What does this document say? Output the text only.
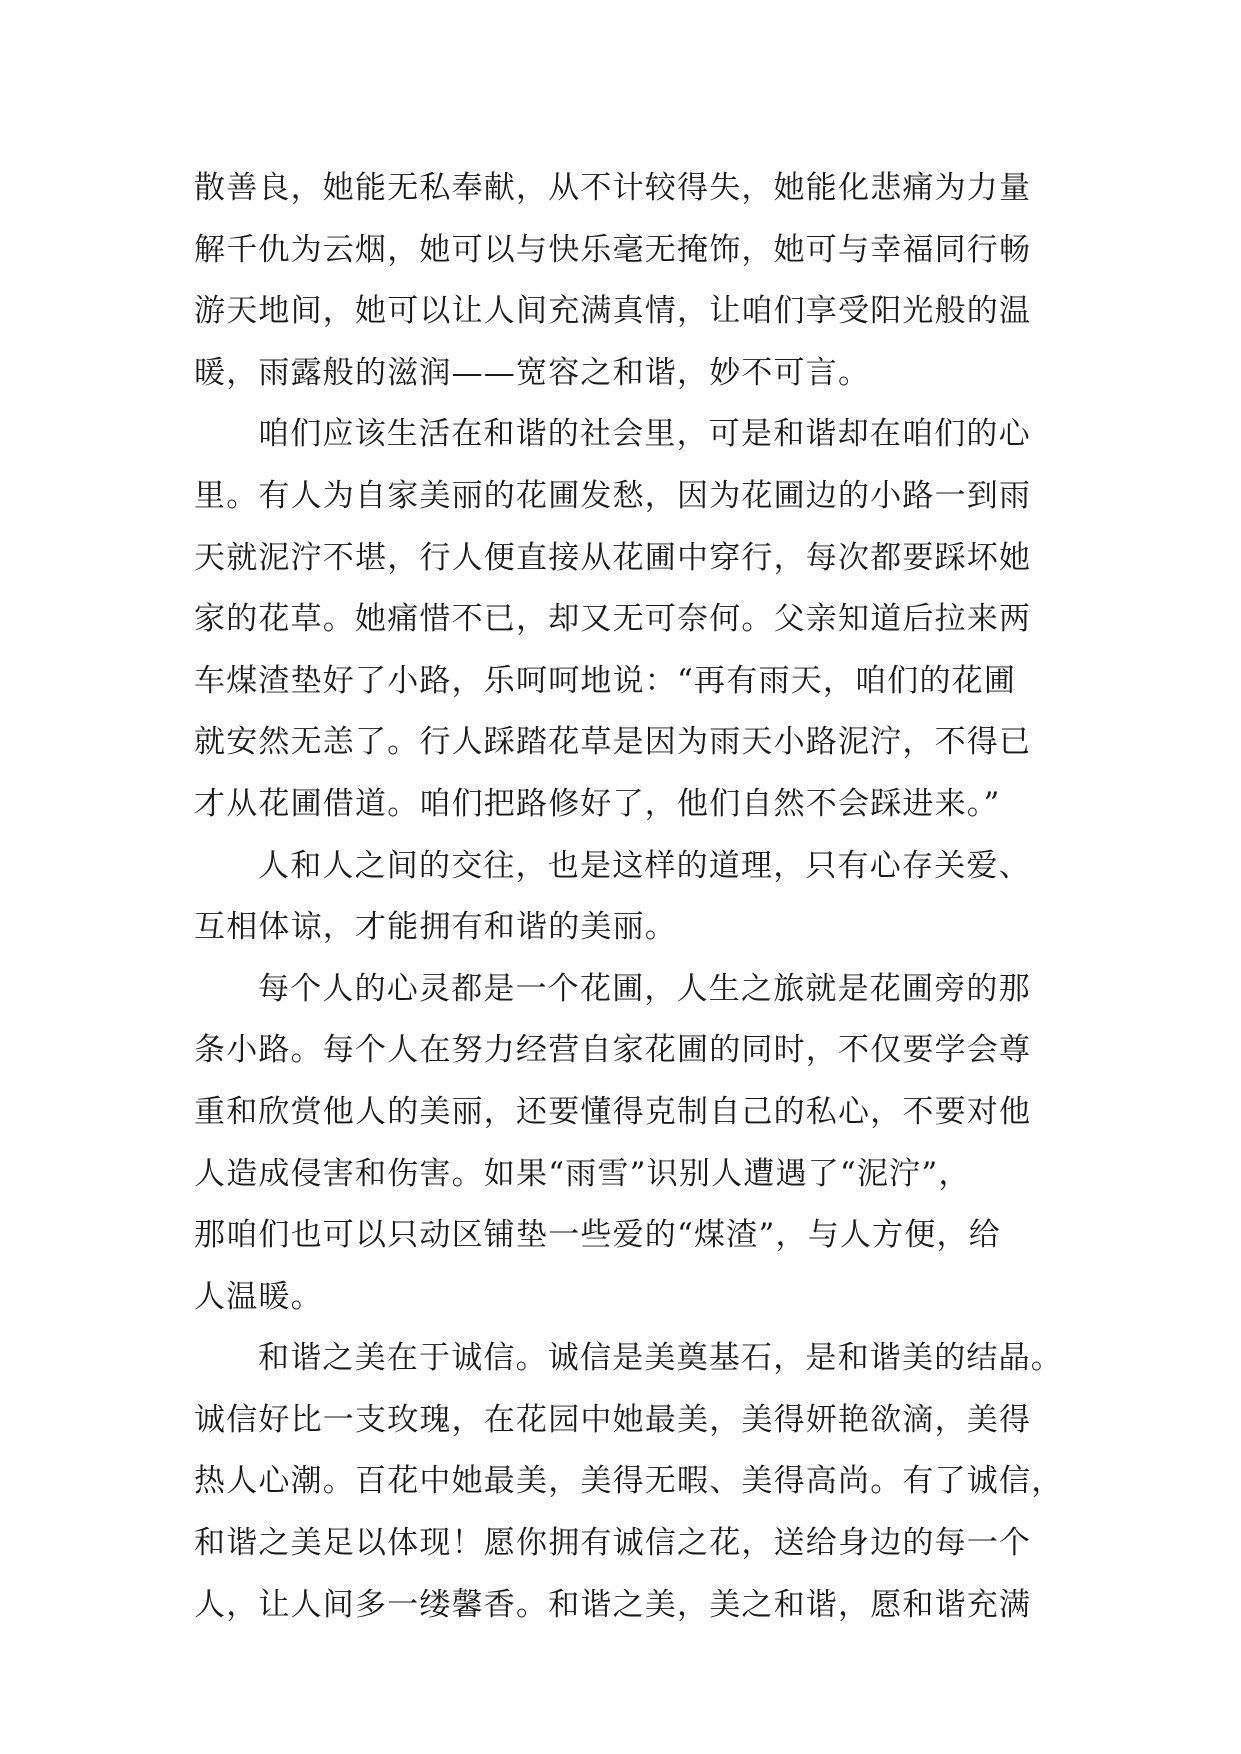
散善良，她能无私奉献，从不计较得失，她能化悲痛为力量
解千仇为云烟，她可以与快乐毫无掩饰，她可与幸福同行畅
游天地间，她可以让人间充满真情，让咱们享受阳光般的温
暖，雨露般的滋润——宽容之和谐，妙不可言。
咱们应该生活在和谐的社会里，可是和谐却在咱们的心
里。有人为自家美丽的花圃发愁，因为花圃边的小路一到雨
天就泥泞不堪，行人便直接从花圃中穿行，每次都要踩坏她
家的花草。她痛惜不已，却又无可奈何。父亲知道后拉来两
车煤渣垫好了小路，乐呵呵地说：“再有雨天，咱们的花圃
就安然无恙了。行人踩踏花草是因为雨天小路泥泞，不得已
才从花圃借道。咱们把路修好了，他们自然不会踩进来。”
人和人之间的交往，也是这样的道理，只有心存关爱、
互相体谅，才能拥有和谐的美丽。
每个人的心灵都是一个花圃，人生之旅就是花圃旁的那
条小路。每个人在努力经营自家花圃的同时，不仅要学会尊
重和欣赏他人的美丽，还要懂得克制自己的私心，不要对他
人造成侵害和伤害。如果“雨雪”识别人遭遇了“泥泞”，
那咱们也可以只动区铺垫一些爱的“煤渣”，与人方便，给
人温暖。
和谐之美在于诚信。诚信是美奠基石，是和谐美的结晶。
诚信好比一支玫瑰，在花园中她最美，美得妍艳欲滴，美得
热人心潮。百花中她最美，美得无暇、美得高尚。有了诚信，
和谐之美足以体现！愿你拥有诚信之花，送给身边的每一个
人，让人间多一缕馨香。和谐之美，美之和谐，愿和谐充满
